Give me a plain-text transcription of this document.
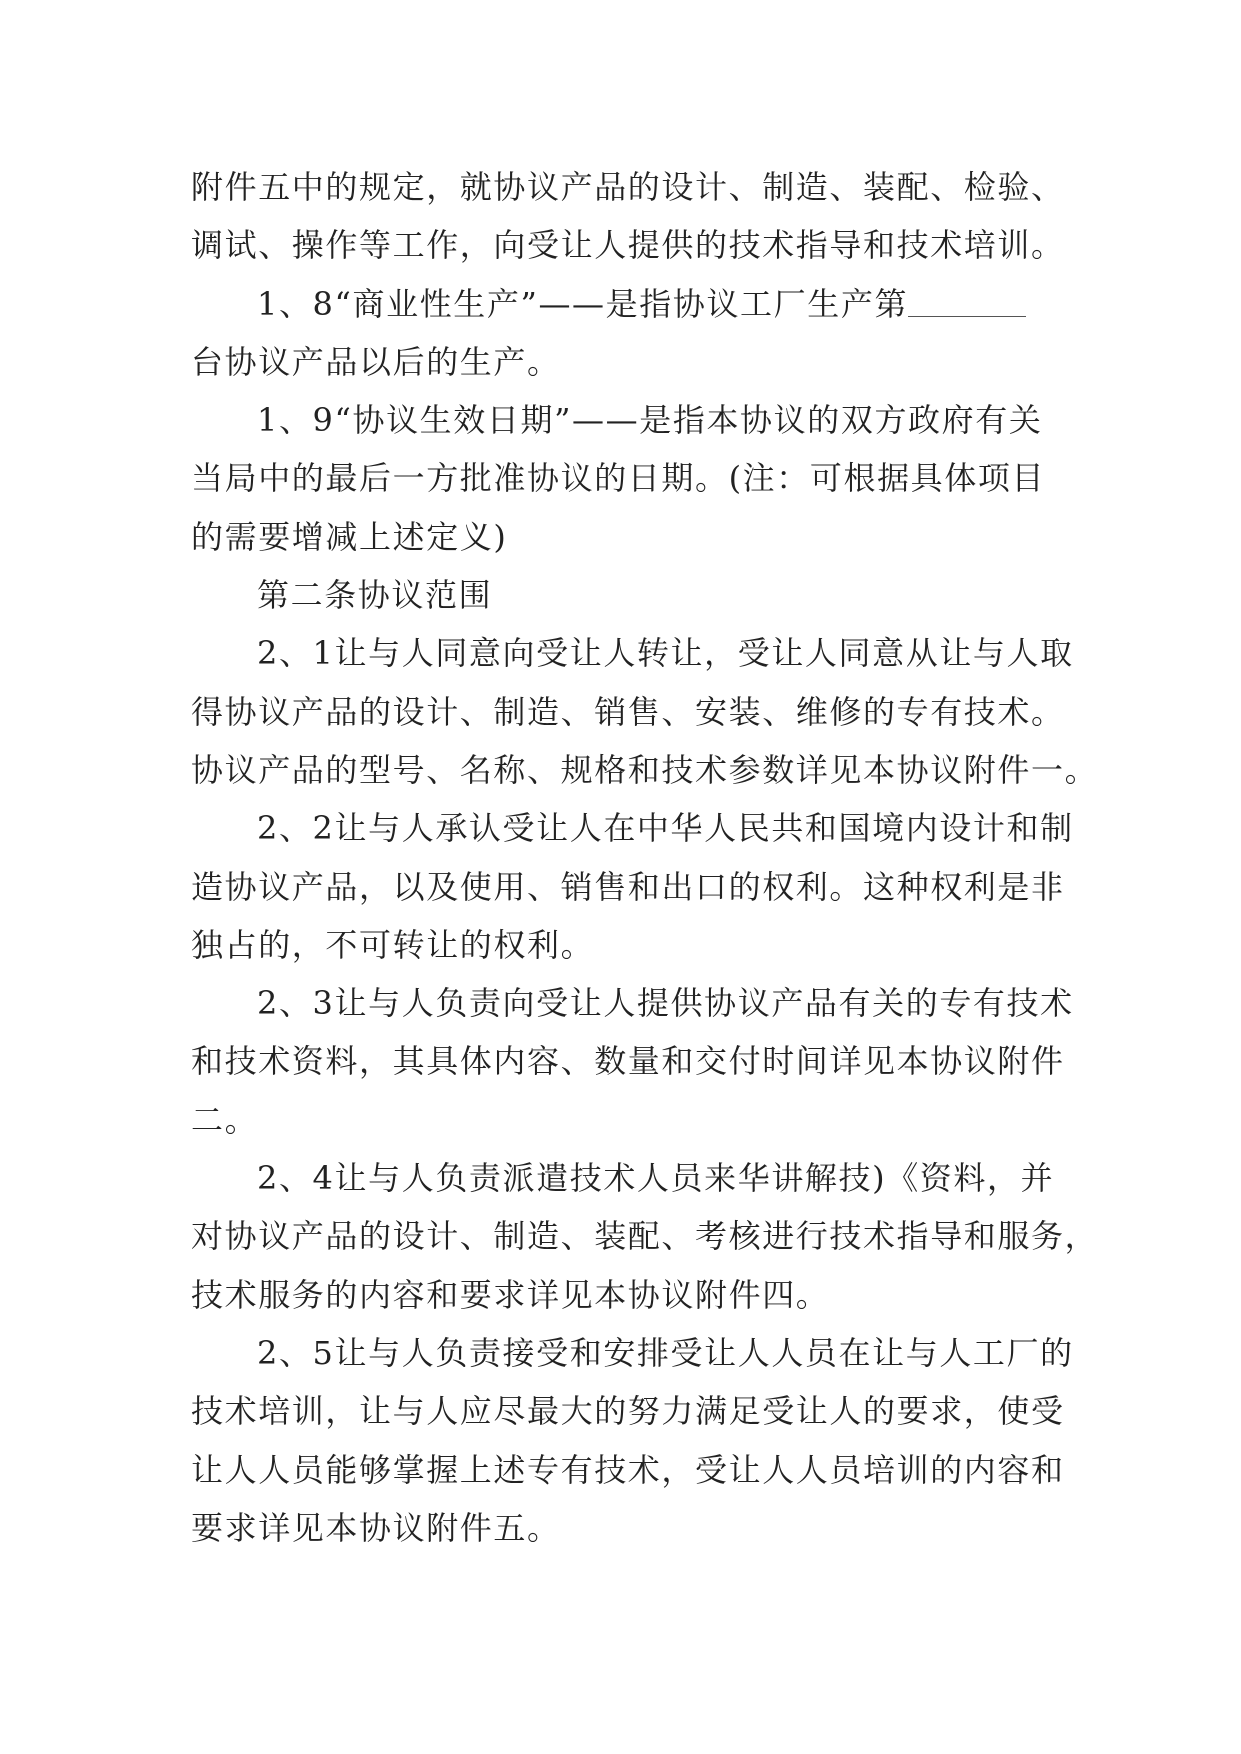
附件五中的规定，就协议产品的设计、制造、装配、检验、
调试、操作等工作，向受让人提供的技术指导和技术培训。
1、8“商业性生产”——是指协议工厂生产第
台协议产品以后的生产。
1、9“协议生效日期”——是指本协议的双方政府有关
当局中的最后一方批准协议的日期。(注：可根据具体项目
的需要增减上述定义)
第二条协议范围
2、1让与人同意向受让人转让，受让人同意从让与人取
得协议产品的设计、制造、销售、安装、维修的专有技术。
协议产品的型号、名称、规格和技术参数详见本协议附件一。
2、2让与人承认受让人在中华人民共和国境内设计和制
造协议产品，以及使用、销售和出口的权利。这种权利是非
独占的，不可转让的权利。
2、3让与人负责向受让人提供协议产品有关的专有技术
和技术资料，其具体内容、数量和交付时间详见本协议附件
二。
2、4让与人负责派遣技术人员来华讲解技)《资料，并
对协议产品的设计、制造、装配、考核进行技术指导和服务，
技术服务的内容和要求详见本协议附件四。
2、5让与人负责接受和安排受让人人员在让与人工厂的
技术培训，让与人应尽最大的努力满足受让人的要求，使受
让人人员能够掌握上述专有技术，受让人人员培训的内容和
要求详见本协议附件五。
